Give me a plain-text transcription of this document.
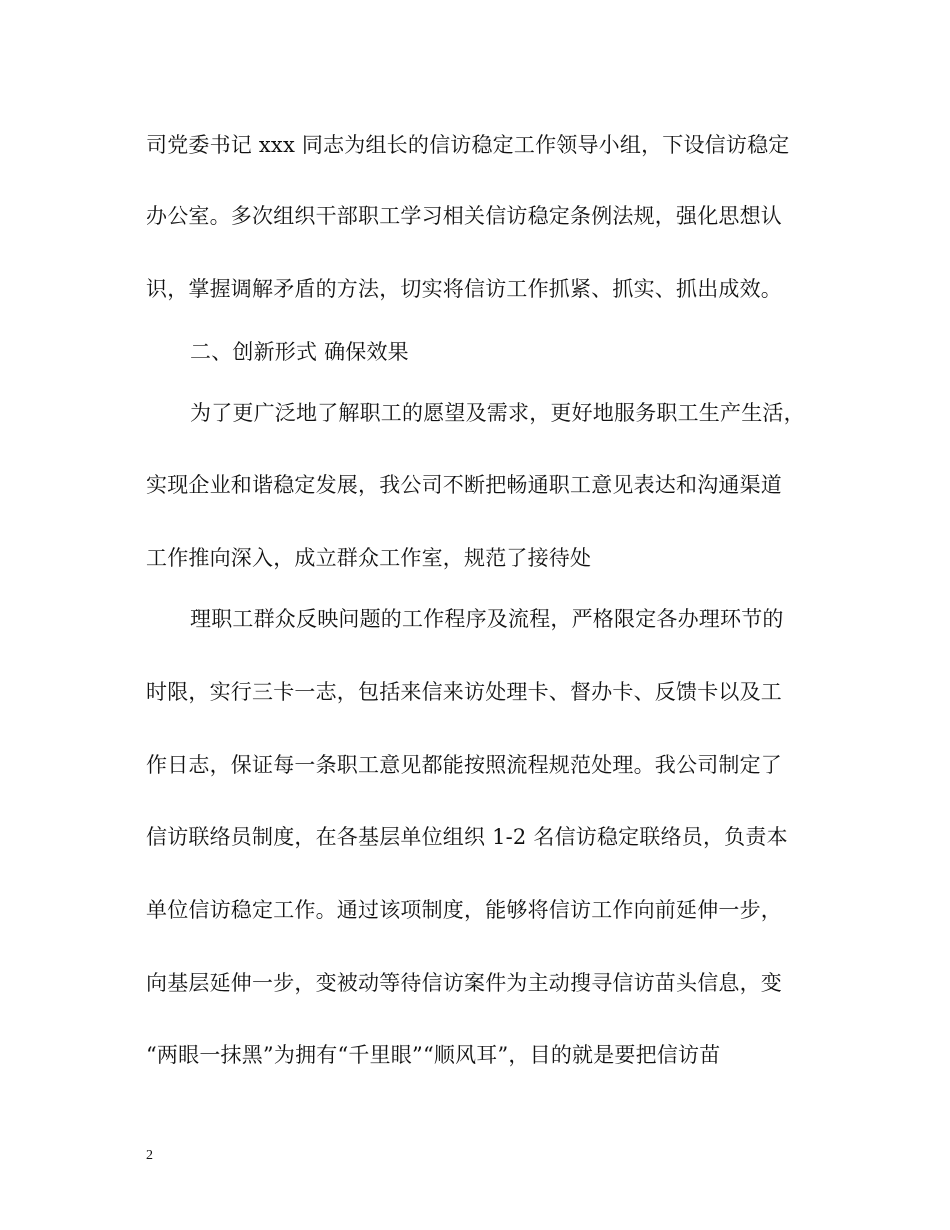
司党委书记 xxx 同志为组长的信访稳定工作领导小组，下设信访稳定
办公室。多次组织干部职工学习相关信访稳定条例法规，强化思想认
识，掌握调解矛盾的方法，切实将信访工作抓紧、抓实、抓出成效。
二、创新形式 确保效果
为了更广泛地了解职工的愿望及需求，更好地服务职工生产生活，
实现企业和谐稳定发展，我公司不断把畅通职工意见表达和沟通渠道
工作推向深入，成立群众工作室，规范了接待处
理职工群众反映问题的工作程序及流程，严格限定各办理环节的
时限，实行三卡一志，包括来信来访处理卡、督办卡、反馈卡以及工
作日志，保证每一条职工意见都能按照流程规范处理。我公司制定了
信访联络员制度，在各基层单位组织 1-2 名信访稳定联络员，负责本
单位信访稳定工作。通过该项制度，能够将信访工作向前延伸一步，
向基层延伸一步，变被动等待信访案件为主动搜寻信访苗头信息，变
“两眼一抹黑”为拥有“千里眼”“顺风耳”，目的就是要把信访苗
2
